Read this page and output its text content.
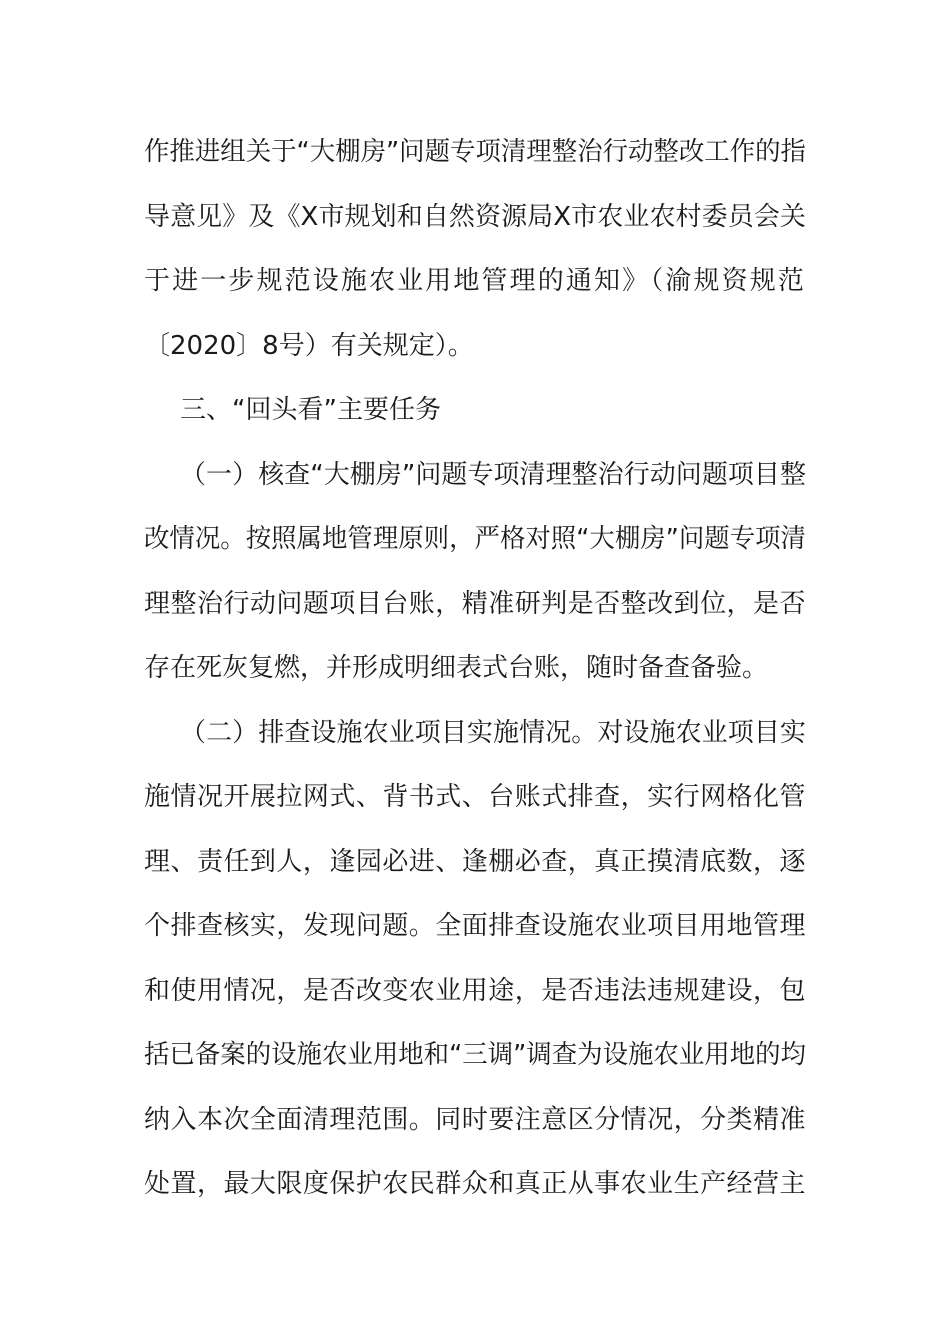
作推进组关于“大棚房”问题专项清理整治行动整改工作的指
导意见》及《X市规划和自然资源局X市农业农村委员会关
于进一步规范设施农业用地管理的通知》（渝规资规范
〔2020〕8号）有关规定）。
三、“回头看”主要任务
（一）核查“大棚房”问题专项清理整治行动问题项目整
改情况。按照属地管理原则，严格对照“大棚房”问题专项清
理整治行动问题项目台账，精准研判是否整改到位，是否
存在死灰复燃，并形成明细表式台账，随时备查备验。
（二）排查设施农业项目实施情况。对设施农业项目实
施情况开展拉网式、背书式、台账式排查，实行网格化管
理、责任到人，逢园必进、逢棚必查，真正摸清底数，逐
个排查核实，发现问题。全面排查设施农业项目用地管理
和使用情况，是否改变农业用途，是否违法违规建设，包
括已备案的设施农业用地和“三调”调查为设施农业用地的均
纳入本次全面清理范围。同时要注意区分情况，分类精准
处置，最大限度保护农民群众和真正从事农业生产经营主
